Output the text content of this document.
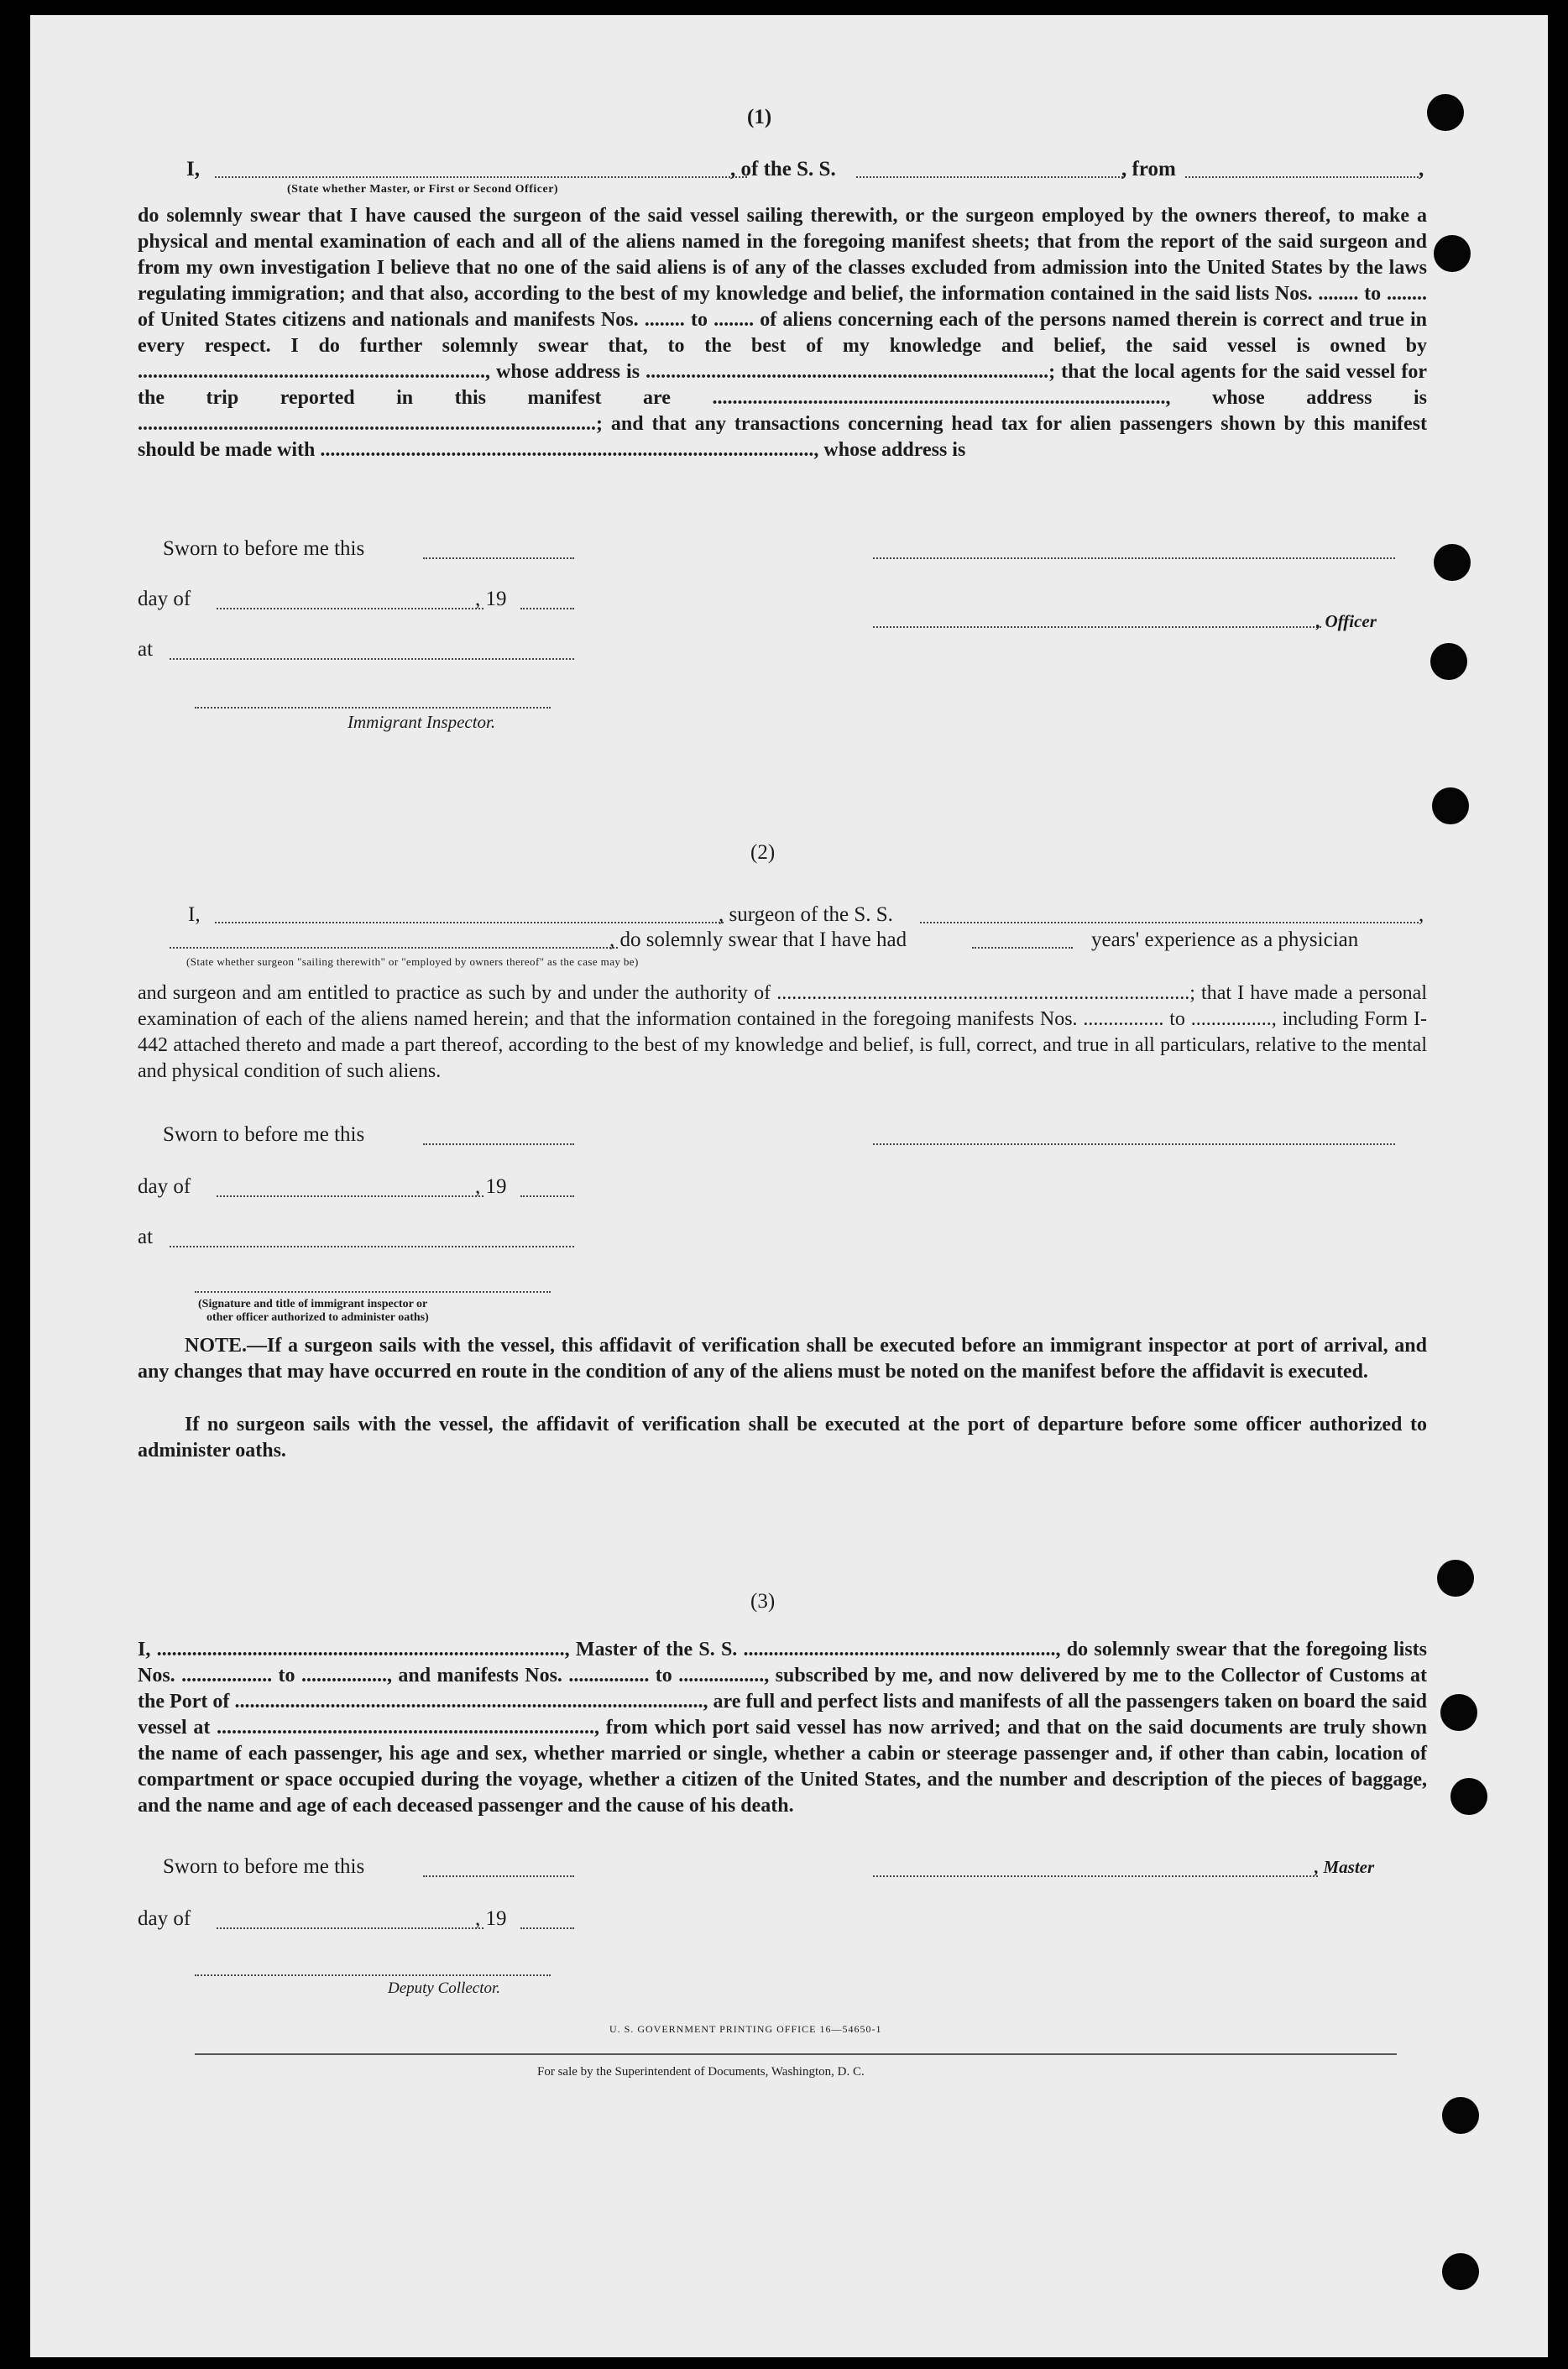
(1)
I,	, of the S. S.	, from	,
(State whether Master, or First or Second Officer)
do solemnly swear that I have caused the surgeon of the said vessel sailing therewith, or the surgeon employed by the owners thereof, to make a physical and mental examination of each and all of the aliens named in the foregoing manifest sheets; that from the report of the said surgeon and from my own investigation I believe that no one of the said aliens is of any of the classes excluded from admission into the United States by the laws regulating immigration; and that also, according to the best of my knowledge and belief, the information contained in the said lists Nos. ........ to ........ of United States citizens and nationals and manifests Nos. ........ to ........ of aliens concerning each of the persons named therein is correct and true in every respect. I do further solemnly swear that, to the best of my knowledge and belief, the said vessel is owned by ....................................................................., whose address is ................................................................................; that the local agents for the said vessel for the trip reported in this manifest are .........................................................................................., whose address is ...........................................................................................; and that any transactions concerning head tax for alien passengers shown by this manifest should be made with .................................................................................................., whose address is
Sworn to before me this
day of	, 19
, Officer
at
Immigrant Inspector.
(2)
I,	, surgeon of the S. S.	,
, do solemnly swear that I have had	years' experience as a physician
(State whether surgeon "sailing therewith" or "employed by owners thereof" as the case may be)
and surgeon and am entitled to practice as such by and under the authority of ..................................................................................; that I have made a personal examination of each of the aliens named herein; and that the information contained in the foregoing manifests Nos. ................ to ................, including Form I-442 attached thereto and made a part thereof, according to the best of my knowledge and belief, is full, correct, and true in all particulars, relative to the mental and physical condition of such aliens.
Sworn to before me this
day of	, 19
at
(Signature and title of immigrant inspector or
other officer authorized to administer oaths)
NOTE.—If a surgeon sails with the vessel, this affidavit of verification shall be executed before an immigrant inspector at port of arrival, and any changes that may have occurred en route in the condition of any of the aliens must be noted on the manifest before the affidavit is executed.
If no surgeon sails with the vessel, the affidavit of verification shall be executed at the port of departure before some officer authorized to administer oaths.
(3)
I, ................................................................................., Master of the S. S. .............................................................., do solemnly swear that the foregoing lists Nos. .................. to ................., and manifests Nos. ................ to ................., subscribed by me, and now delivered by me to the Collector of Customs at the Port of ............................................................................................., are full and perfect lists and manifests of all the passengers taken on board the said vessel at ..........................................................................., from which port said vessel has now arrived; and that on the said documents are truly shown the name of each passenger, his age and sex, whether married or single, whether a cabin or steerage passenger and, if other than cabin, location of compartment or space occupied during the voyage, whether a citizen of the United States, and the number and description of the pieces of baggage, and the name and age of each deceased passenger and the cause of his death.
Sworn to before me this	, Master
day of	, 19
Deputy Collector.
U. S. GOVERNMENT PRINTING OFFICE 16—54650-1
For sale by the Superintendent of Documents, Washington, D. C.
